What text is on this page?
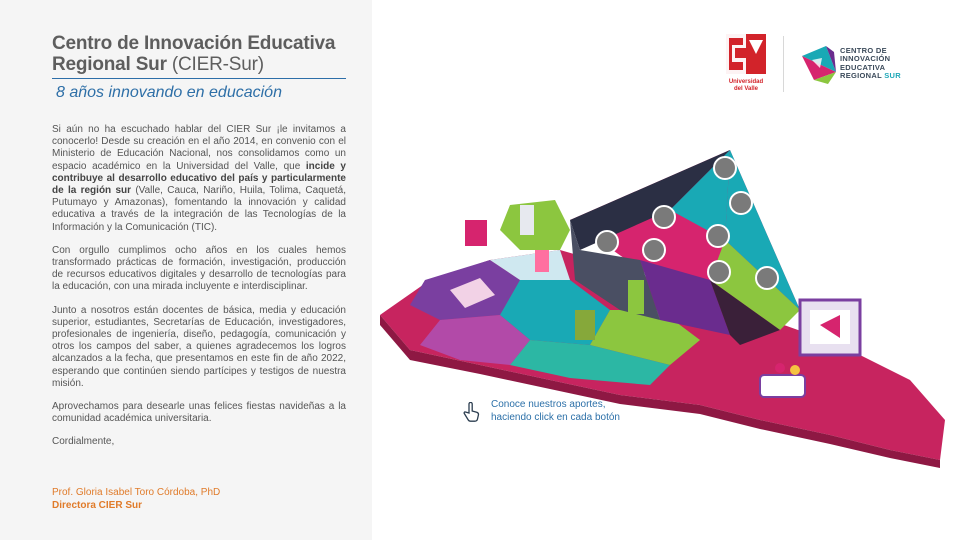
Centro de Innovación Educativa
Regional Sur (CIER-Sur)
8 años innovando en educación

Si aún no ha escuchado hablar del CIER Sur ¡le invitamos a conocerlo! Desde su creación en el año 2014, en convenio con el Ministerio de Educación Nacional, nos consolidamos como un espacio académico en la Universidad del Valle, que incide y contribuye al desarrollo educativo del país y particularmente de la región sur (Valle, Cauca, Nariño, Huila, Tolima, Caquetá, Putumayo y Amazonas), fomentando la innovación y calidad educativa a través de la integración de las Tecnologías de la Información y la Comunicación (TIC).

Con orgullo cumplimos ocho años en los cuales hemos transformado prácticas de formación, investigación, producción de recursos educativos digitales y desarrollo de tecnologías para la educación, con una mirada incluyente e interdisciplinar.

Junto a nosotros están docentes de básica, media y educación superior, estudiantes, Secretarías de Educación, investigadores, profesionales de ingeniería, diseño, pedagogía, comunicación y otros los campos del saber, a quienes agradecemos los logros alcanzados a la fecha, que presentamos en este fin de año 2022, esperando que continúen siendo partícipes y testigos de nuestra misión.

Aprovechamos para desearle unas felices fiestas navideñas a la comunidad académica universitaria.

Cordialmente,

Prof. Gloria Isabel Toro Córdoba, PhD
Directora CIER Sur
Universidad
del Valle
CENTRO DE
INNOVACIÓN
EDUCATIVA
REGIONAL SUR
Conoce nuestros aportes,
haciendo click en cada botón
